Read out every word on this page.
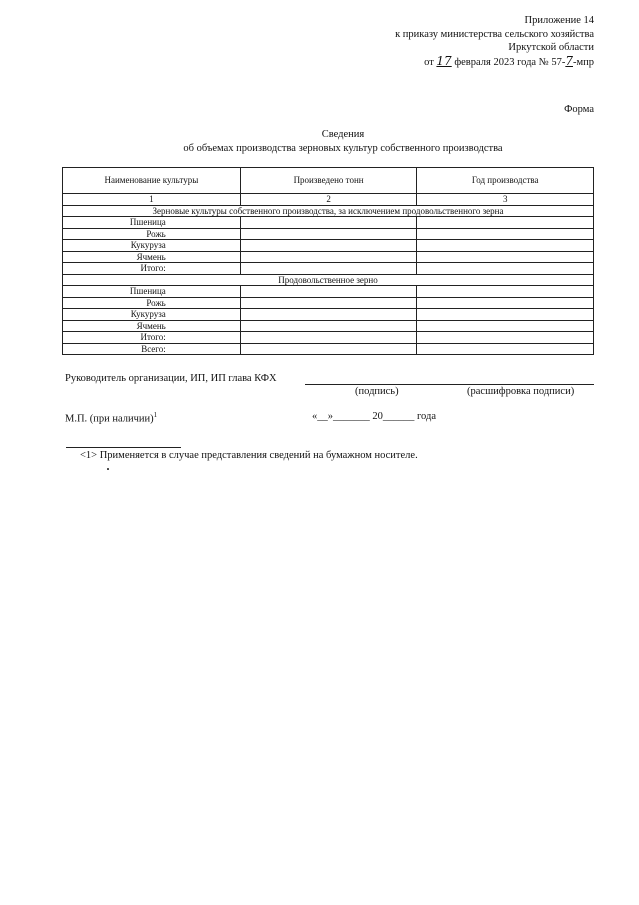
Приложение 14
к приказу министерства сельского хозяйства
Иркутской области
от 17 февраля 2023 года № 57-7-мпр
Форма
Сведения
об объемах производства зерновых культур собственного производства
Наименование культуры	Произведено тонн	Год производства
1	2	3
Зерновые культуры собственного производства, за исключением продовольственного зерна		
Пшеница		
Рожь		
Кукуруза		
Ячмень		
Итого:		
Продовольственное зерно		
Пшеница		
Рожь		
Кукуруза		
Ячмень		
Итого:		
Всего:		
Руководитель организации, ИП, ИП глава КФХ
(подпись)	(расшифровка подписи)
М.П. (при наличии)$^1$	«__»_______ 20______ года
<1> Применяется в случае представления сведений на бумажном носителе.
